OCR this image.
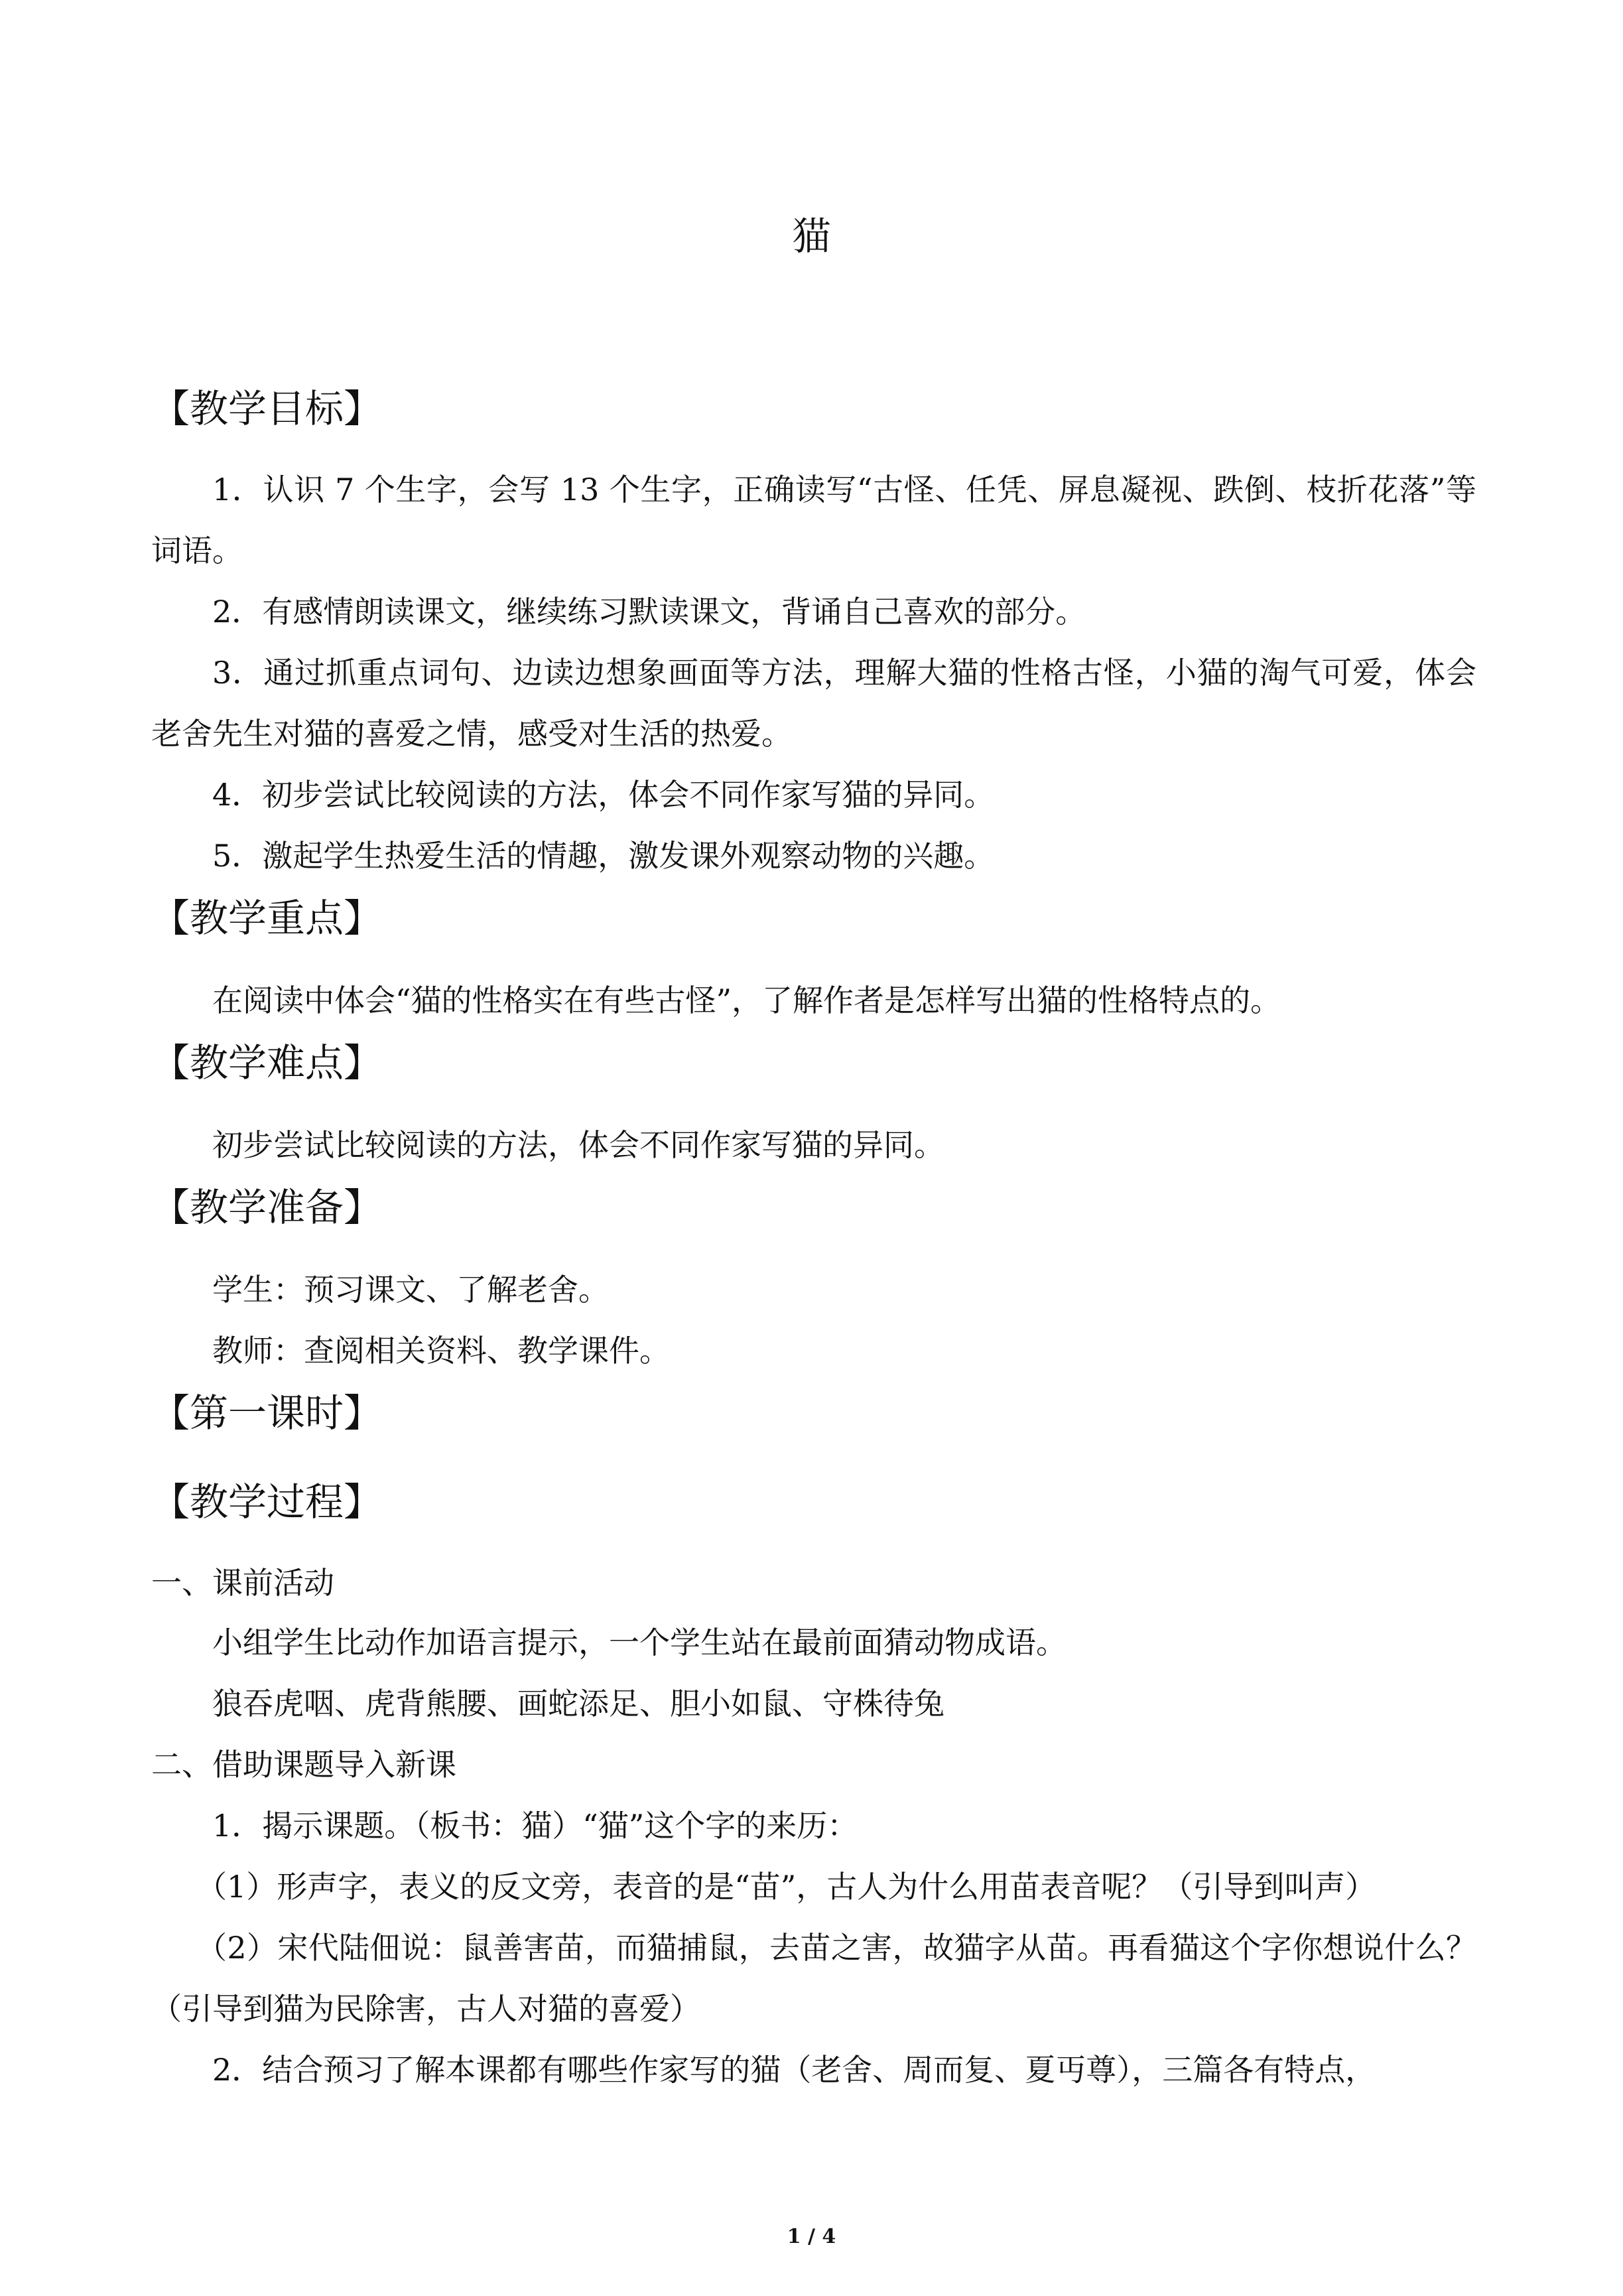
猫
【教学目标】
1．认识 7 个生字，会写 13 个生字，正确读写“古怪、任凭、屏息凝视、跌倒、枝折花落”等词语。
2．有感情朗读课文，继续练习默读课文，背诵自己喜欢的部分。
3．通过抓重点词句、边读边想象画面等方法，理解大猫的性格古怪，小猫的淘气可爱，体会老舍先生对猫的喜爱之情，感受对生活的热爱。
4．初步尝试比较阅读的方法，体会不同作家写猫的异同。
5．激起学生热爱生活的情趣，激发课外观察动物的兴趣。
【教学重点】
在阅读中体会“猫的性格实在有些古怪”，了解作者是怎样写出猫的性格特点的。
【教学难点】
初步尝试比较阅读的方法，体会不同作家写猫的异同。
【教学准备】
学生：预习课文、了解老舍。
教师：查阅相关资料、教学课件。
【第一课时】
【教学过程】
一、课前活动
小组学生比动作加语言提示，一个学生站在最前面猜动物成语。
狼吞虎咽、虎背熊腰、画蛇添足、胆小如鼠、守株待兔
二、借助课题导入新课
1．揭示课题。（板书：猫）“猫”这个字的来历：
（1）形声字，表义的反文旁，表音的是“苗”，古人为什么用苗表音呢？（引导到叫声）
（2）宋代陆佃说：鼠善害苗，而猫捕鼠，去苗之害，故猫字从苗。再看猫这个字你想说什么？（引导到猫为民除害，古人对猫的喜爱）
2．结合预习了解本课都有哪些作家写的猫（老舍、周而复、夏丏尊），三篇各有特点，
1 / 4
